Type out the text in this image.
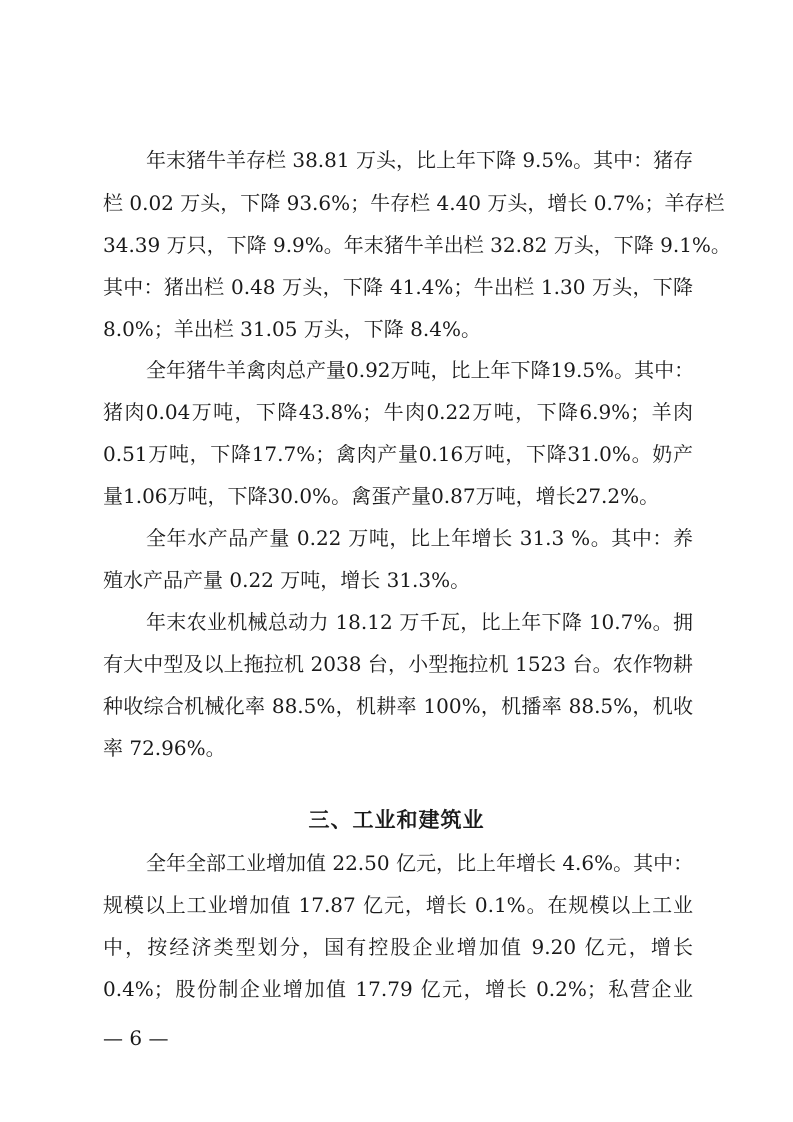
年末猪牛羊存栏 38.81 万头，比上年下降 9.5%。其中：猪存
栏 0.02 万头，下降 93.6%；牛存栏 4.40 万头，增长 0.7%；羊存栏
34.39 万只，下降 9.9%。年末猪牛羊出栏 32.82 万头，下降 9.1%。
其中：猪出栏 0.48 万头，下降 41.4%；牛出栏 1.30 万头，下降
8.0%；羊出栏 31.05 万头，下降 8.4%。
全年猪牛羊禽肉总产量0.92万吨，比上年下降19.5%。其中：
猪肉0.04万吨，下降43.8%；牛肉0.22万吨，下降6.9%；羊肉
0.51万吨，下降17.7%；禽肉产量0.16万吨，下降31.0%。奶产
量1.06万吨，下降30.0%。禽蛋产量0.87万吨，增长27.2%。
全年水产品产量 0.22 万吨，比上年增长 31.3 %。其中：养
殖水产品产量 0.22 万吨，增长 31.3%。
年末农业机械总动力 18.12 万千瓦，比上年下降 10.7%。拥
有大中型及以上拖拉机 2038 台，小型拖拉机 1523 台。农作物耕
种收综合机械化率 88.5%，机耕率 100%，机播率 88.5%，机收
率 72.96%。
三、工业和建筑业
全年全部工业增加值 22.50 亿元，比上年增长 4.6%。其中：
规模以上工业增加值 17.87 亿元，增长 0.1%。在规模以上工业
中，按经济类型划分，国有控股企业增加值 9.20 亿元，增长
0.4%；股份制企业增加值 17.79 亿元，增长 0.2%；私营企业
— 6 —
